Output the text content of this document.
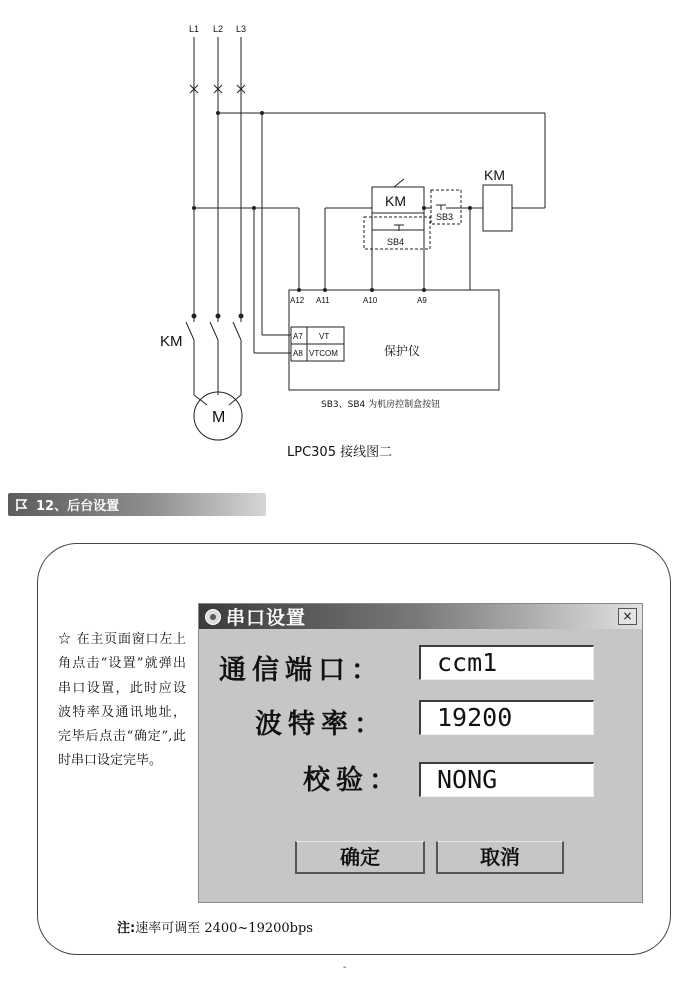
L1 L2 L3
KM
KM
KM
SB3
SB4
A12 A11	A10	A9
A7
A8
VT
VTCOM	保护仪
M
SB3、SB4 为机房控制盒按钮
LPC305 接线图二
12、后台设置
☆ 在主页面窗口左上角点击“设置”就弹出串口设置，此时应设波特率及通讯地址，完毕后点击“确定”,此时串口设定完毕。
串口设置	×
通信端口： ccm1
波特率： 19200
校验： NONG
确定	取消
注:速率可调至 2400~19200bps
-
